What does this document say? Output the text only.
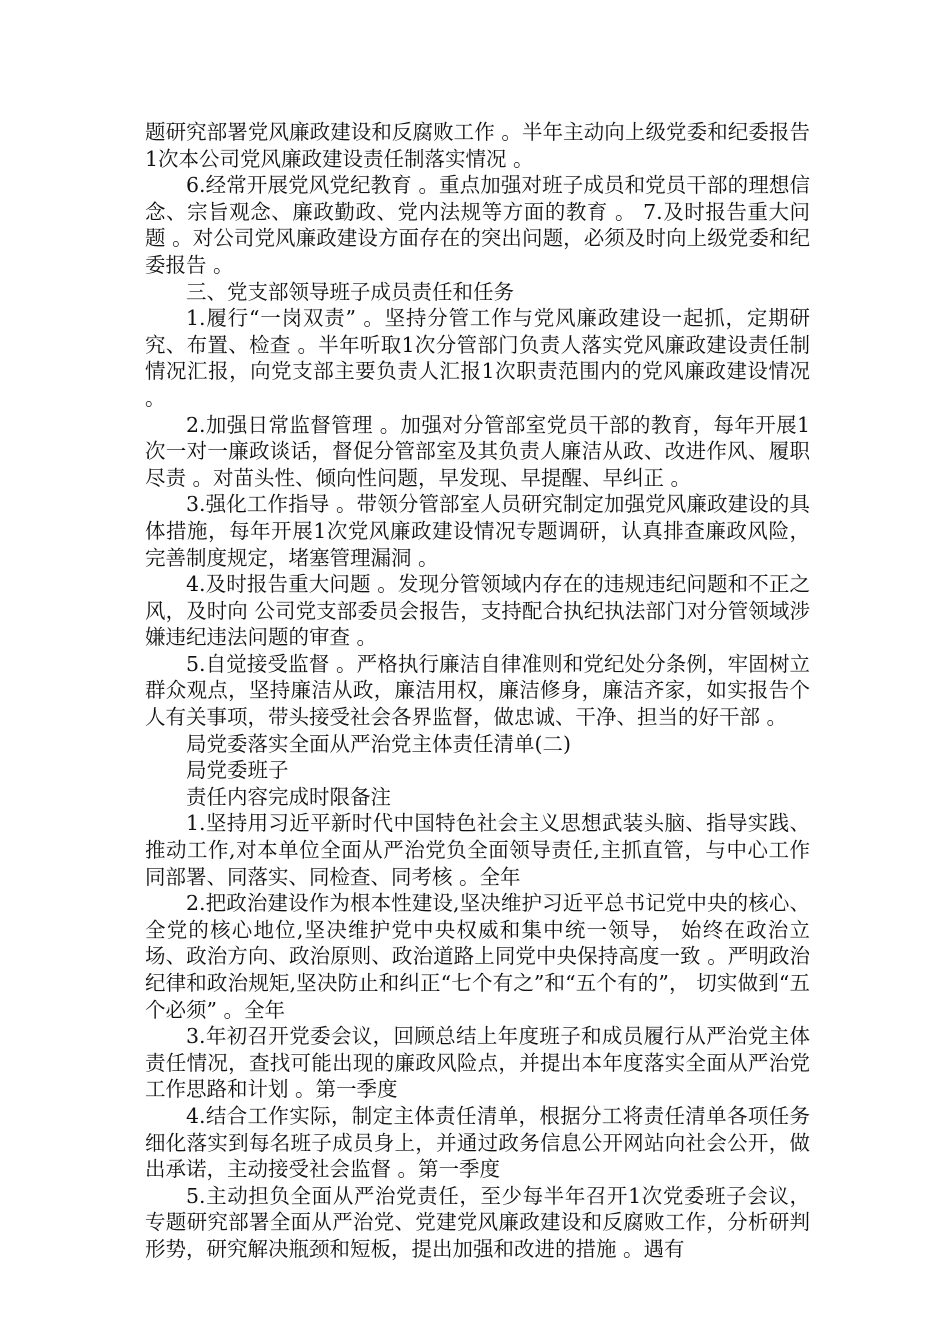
题研究部署党风廉政建设和反腐败工作 。半年主动向上级党委和纪委报告1次本公司党风廉政建设责任制落实情况 。

6.经常开展党风党纪教育 。重点加强对班子成员和党员干部的理想信念、宗旨观念、廉政勤政、党内法规等方面的教育 。 7.及时报告重大问题 。对公司党风廉政建设方面存在的突出问题，必须及时向上级党委和纪委报告 。

三、党支部领导班子成员责任和任务

1.履行“一岗双责” 。坚持分管工作与党风廉政建设一起抓，定期研究、布置、检查 。半年听取1次分管部门负责人落实党风廉政建设责任制情况汇报，向党支部主要负责人汇报1次职责范围内的党风廉政建设情况 。

2.加强日常监督管理 。加强对分管部室党员干部的教育，每年开展1次一对一廉政谈话，督促分管部室及其负责人廉洁从政、改进作风、履职尽责 。对苗头性、倾向性问题，早发现、早提醒、早纠正 。

3.强化工作指导 。带领分管部室人员研究制定加强党风廉政建设的具体措施，每年开展1次党风廉政建设情况专题调研，认真排查廉政风险，完善制度规定，堵塞管理漏洞 。

4.及时报告重大问题 。发现分管领域内存在的违规违纪问题和不正之风，及时向 公司党支部委员会报告，支持配合执纪执法部门对分管领域涉嫌违纪违法问题的审查 。

5.自觉接受监督 。严格执行廉洁自律准则和党纪处分条例，牢固树立群众观点，坚持廉洁从政，廉洁用权，廉洁修身，廉洁齐家，如实报告个人有关事项，带头接受社会各界监督，做忠诚、干净、担当的好干部 。

局党委落实全面从严治党主体责任清单(二)

局党委班子

责任内容完成时限备注

1.坚持用习近平新时代中国特色社会主义思想武装头脑、指导实践、推动工作,对本单位全面从严治党负全面领导责任,主抓直管，与中心工作同部署、同落实、同检查、同考核 。全年

2.把政治建设作为根本性建设,坚决维护习近平总书记党中央的核心、全党的核心地位,坚决维护党中央权威和集中统一领导， 始终在政治立场、政治方向、政治原则、政治道路上同党中央保持高度一致 。严明政治纪律和政治规矩,坚决防止和纠正“七个有之”和“五个有的”， 切实做到“五个必须” 。全年

3.年初召开党委会议，回顾总结上年度班子和成员履行从严治党主体责任情况，查找可能出现的廉政风险点，并提出本年度落实全面从严治党工作思路和计划 。第一季度

4.结合工作实际，制定主体责任清单，根据分工将责任清单各项任务细化落实到每名班子成员身上，并通过政务信息公开网站向社会公开，做出承诺，主动接受社会监督 。第一季度

5.主动担负全面从严治党责任，至少每半年召开1次党委班子会议，专题研究部署全面从严治党、党建党风廉政建设和反腐败工作，分析研判形势，研究解决瓶颈和短板，提出加强和改进的措施 。遇有
